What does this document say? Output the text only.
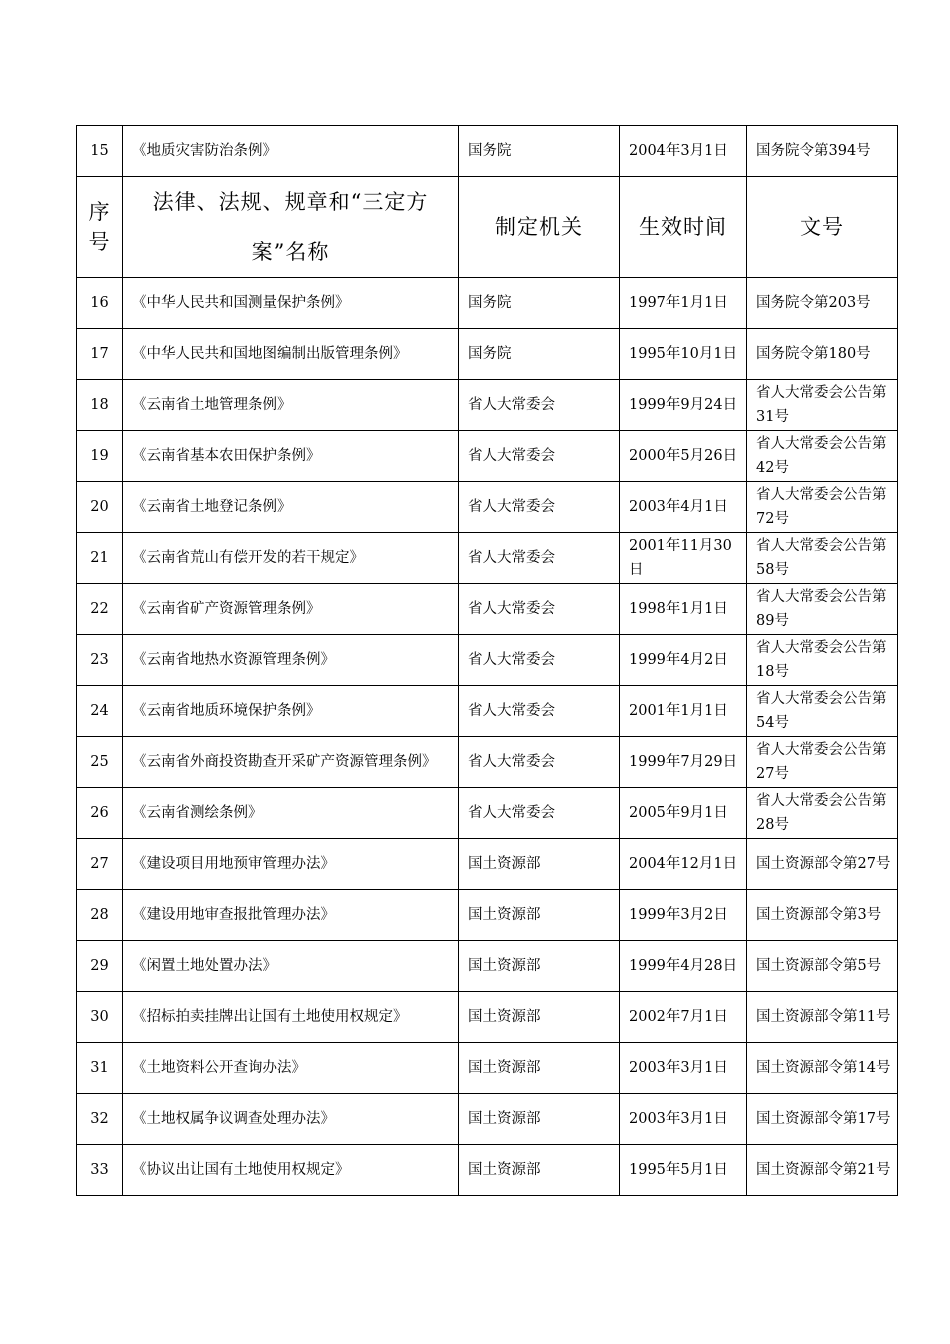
15	《地质灾害防治条例》	国务院	2004年3月1日	国务院令第394号

序
号	法律、法规、规章和“三定方案”名称	制定机关	生效时间	文号
16	《中华人民共和国测量保护条例》	国务院	1997年1月1日	国务院令第203号
17	《中华人民共和国地图编制出版管理条例》	国务院	1995年10月1日	国务院令第180号
18	《云南省土地管理条例》	省人大常委会	1999年9月24日	省人大常委会公告第31号
19	《云南省基本农田保护条例》	省人大常委会	2000年5月26日	省人大常委会公告第42号
20	《云南省土地登记条例》	省人大常委会	2003年4月1日	省人大常委会公告第72号
21	《云南省荒山有偿开发的若干规定》	省人大常委会	2001年11月30日	省人大常委会公告第58号
22	《云南省矿产资源管理条例》	省人大常委会	1998年1月1日	省人大常委会公告第89号
23	《云南省地热水资源管理条例》	省人大常委会	1999年4月2日	省人大常委会公告第18号
24	《云南省地质环境保护条例》	省人大常委会	2001年1月1日	省人大常委会公告第54号
25	《云南省外商投资勘查开采矿产资源管理条例》	省人大常委会	1999年7月29日	省人大常委会公告第27号
26	《云南省测绘条例》	省人大常委会	2005年9月1日	省人大常委会公告第28号
27	《建设项目用地预审管理办法》	国土资源部	2004年12月1日	国土资源部令第27号
28	《建设用地审查报批管理办法》	国土资源部	1999年3月2日	国土资源部令第3号
29	《闲置土地处置办法》	国土资源部	1999年4月28日	国土资源部令第5号
30	《招标拍卖挂牌出让国有土地使用权规定》	国土资源部	2002年7月1日	国土资源部令第11号
31	《土地资料公开查询办法》	国土资源部	2003年3月1日	国土资源部令第14号
32	《土地权属争议调查处理办法》	国土资源部	2003年3月1日	国土资源部令第17号
33	《协议出让国有土地使用权规定》	国土资源部	1995年5月1日	国土资源部令第21号
